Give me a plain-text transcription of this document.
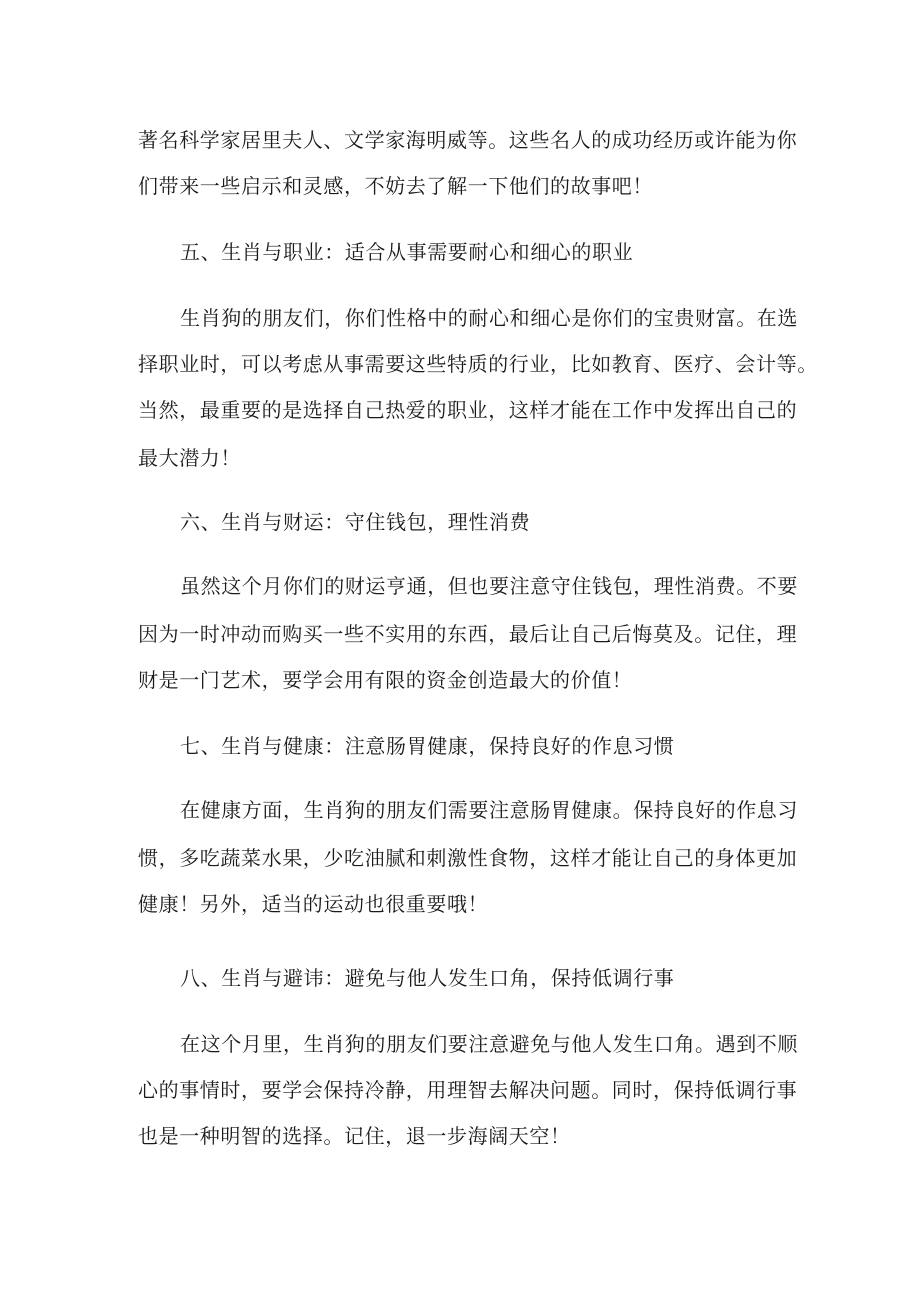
著名科学家居里夫人、文学家海明威等。这些名人的成功经历或许能为你

们带来一些启示和灵感，不妨去了解一下他们的故事吧！

五、生肖与职业：适合从事需要耐心和细心的职业

生肖狗的朋友们，你们性格中的耐心和细心是你们的宝贵财富。在选

择职业时，可以考虑从事需要这些特质的行业，比如教育、医疗、会计等。

当然，最重要的是选择自己热爱的职业，这样才能在工作中发挥出自己的

最大潜力！

六、生肖与财运：守住钱包，理性消费

虽然这个月你们的财运亨通，但也要注意守住钱包，理性消费。不要

因为一时冲动而购买一些不实用的东西，最后让自己后悔莫及。记住，理

财是一门艺术，要学会用有限的资金创造最大的价值！

七、生肖与健康：注意肠胃健康，保持良好的作息习惯

在健康方面，生肖狗的朋友们需要注意肠胃健康。保持良好的作息习

惯，多吃蔬菜水果，少吃油腻和刺激性食物，这样才能让自己的身体更加

健康！另外，适当的运动也很重要哦！

八、生肖与避讳：避免与他人发生口角，保持低调行事

在这个月里，生肖狗的朋友们要注意避免与他人发生口角。遇到不顺

心的事情时，要学会保持冷静，用理智去解决问题。同时，保持低调行事

也是一种明智的选择。记住，退一步海阔天空！
